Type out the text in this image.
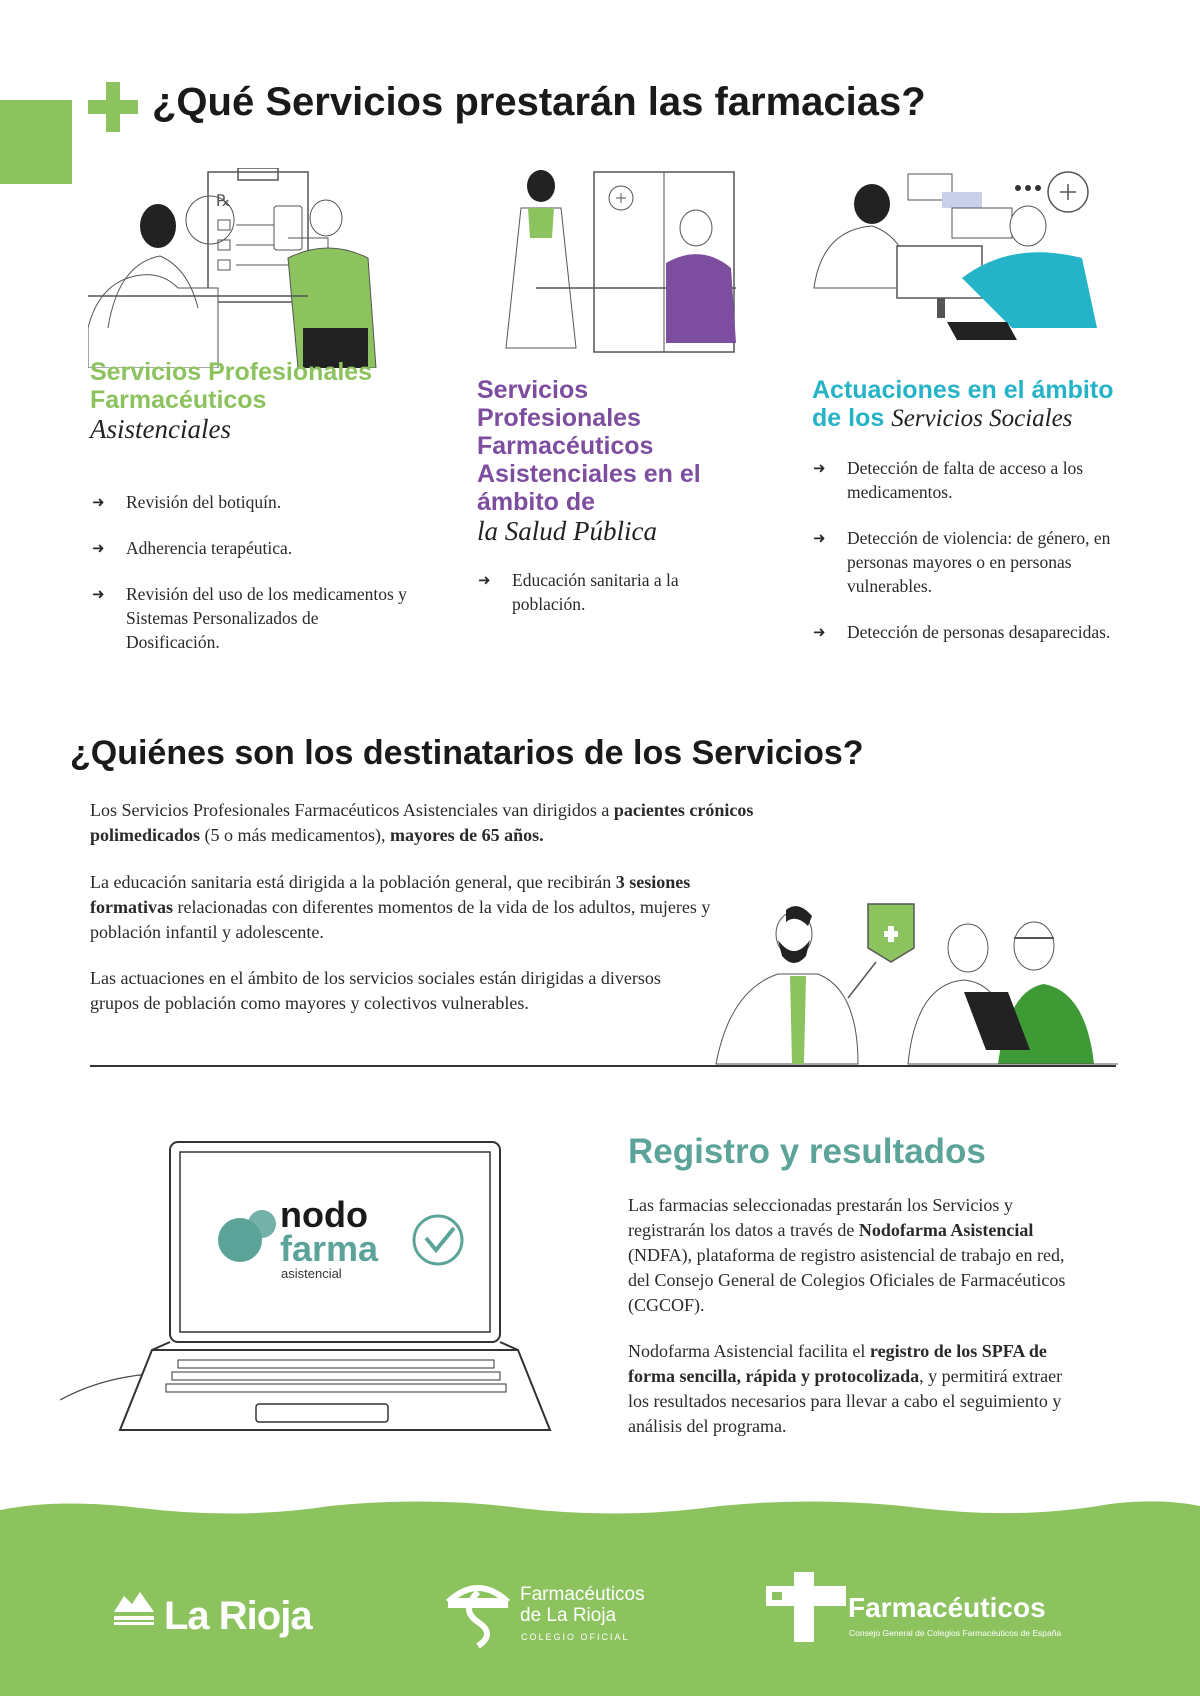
¿Qué Servicios prestarán las farmacias?
℞
Servicios Profesionales Farmacéuticos
Asistenciales
➜ Revisión del botiquín.
➜ Adherencia terapéutica.
➜ Revisión del uso de los medicamentos y Sistemas Personalizados de Dosificación.
Servicios Profesionales Farmacéuticos Asistenciales en el ámbito de
la Salud Pública
➜ Educación sanitaria a la población.
Actuaciones en el ámbito de los Servicios Sociales
➜ Detección de falta de acceso a los medicamentos.
➜ Detección de violencia: de género, en personas mayores o en personas vulnerables.
➜ Detección de personas desaparecidas.
¿Quiénes son los destinatarios de los Servicios?
Los Servicios Profesionales Farmacéuticos Asistenciales van dirigidos a pacientes crónicos polimedicados (5 o más medicamentos), mayores de 65 años.
La educación sanitaria está dirigida a la población general, que recibirán 3 sesiones formativas relacionadas con diferentes momentos de la vida de los adultos, mujeres y población infantil y adolescente.
Las actuaciones en el ámbito de los servicios sociales están dirigidas a diversos grupos de población como mayores y colectivos vulnerables.
nodo
farma
asistencial
Registro y resultados
Las farmacias seleccionadas prestarán los Servicios y registrarán los datos a través de Nodofarma Asistencial (NDFA), plataforma de registro asistencial de trabajo en red, del Consejo General de Colegios Oficiales de Farmacéuticos (CGCOF).
Nodofarma Asistencial facilita el registro de los SPFA de forma sencilla, rápida y protocolizada, y permitirá extraer los resultados necesarios para llevar a cabo el seguimiento y análisis del programa.
La Rioja	Farmacéuticos
de La Rioja
COLEGIO OFICIAL
Farmacéuticos
Consejo General de Colegios Farmacéuticos de España
